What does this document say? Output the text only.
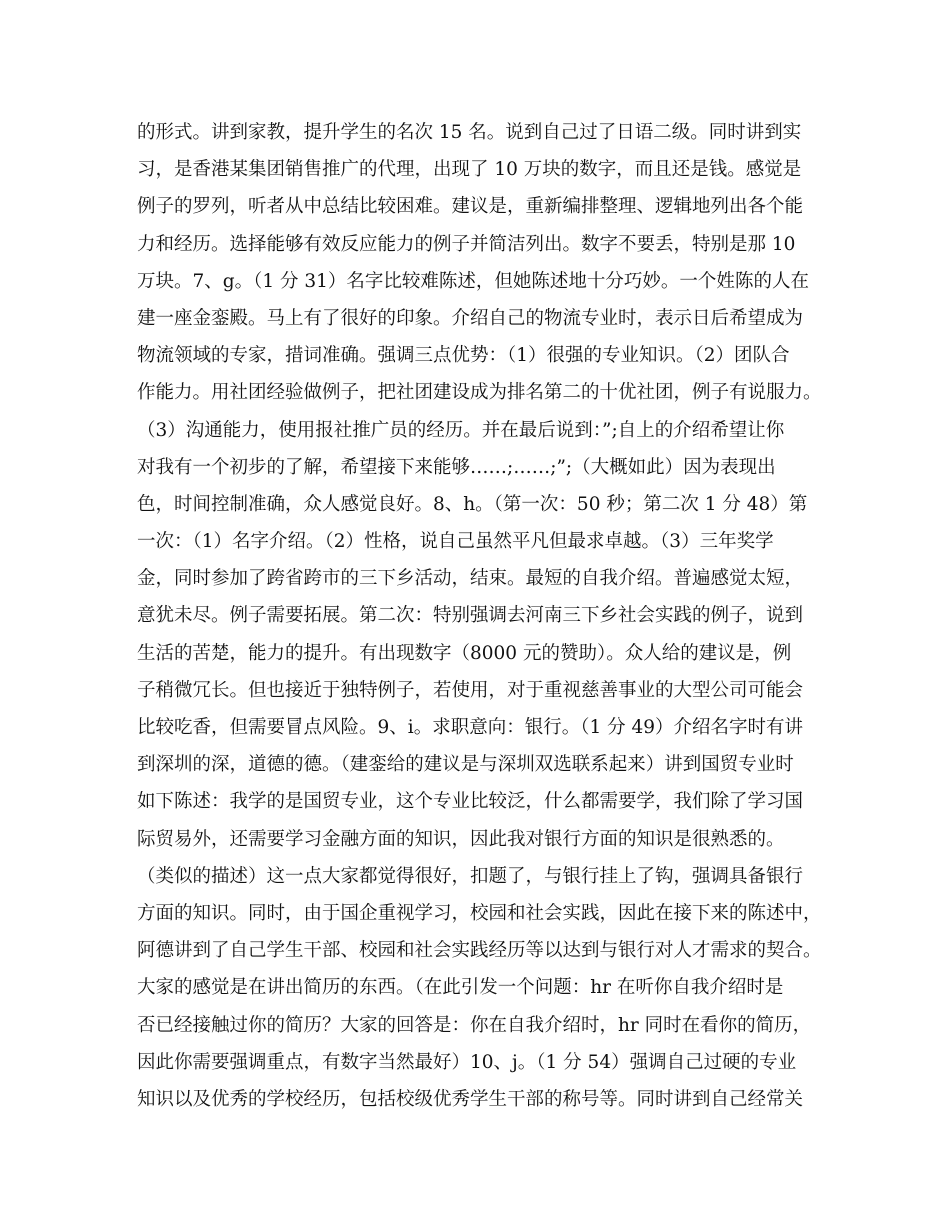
的形式。讲到家教，提升学生的名次 15 名。说到自己过了日语二级。同时讲到实
习，是香港某集团销售推广的代理，出现了 10 万块的数字，而且还是钱。感觉是
例子的罗列，听者从中总结比较困难。建议是，重新编排整理、逻辑地列出各个能
力和经历。选择能够有效反应能力的例子并简洁列出。数字不要丢，特别是那 10
万块。7、g。（1 分 31）名字比较难陈述，但她陈述地十分巧妙。一个姓陈的人在
建一座金銮殿。马上有了很好的印象。介绍自己的物流专业时，表示日后希望成为
物流领域的专家，措词准确。强调三点优势：（1）很强的专业知识。（2）团队合
作能力。用社团经验做例子，把社团建设成为排名第二的十优社团，例子有说服力。
（3）沟通能力，使用报社推广员的经历。并在最后说到：”;自上的介绍希望让你
对我有一个初步的了解，希望接下来能够……;……;”;（大概如此）因为表现出
色，时间控制准确，众人感觉良好。8、h。（第一次：50 秒；第二次 1 分 48）第
一次：（1）名字介绍。（2）性格，说自己虽然平凡但最求卓越。（3）三年奖学
金，同时参加了跨省跨市的三下乡活动，结束。最短的自我介绍。普遍感觉太短，
意犹未尽。例子需要拓展。第二次：特别强调去河南三下乡社会实践的例子，说到
生活的苦楚，能力的提升。有出现数字（8000 元的赞助）。众人给的建议是，例
子稍微冗长。但也接近于独特例子，若使用，对于重视慈善事业的大型公司可能会
比较吃香，但需要冒点风险。9、i。求职意向：银行。（1 分 49）介绍名字时有讲
到深圳的深，道德的德。（建銮给的建议是与深圳双选联系起来）讲到国贸专业时
如下陈述：我学的是国贸专业，这个专业比较泛，什么都需要学，我们除了学习国
际贸易外，还需要学习金融方面的知识，因此我对银行方面的知识是很熟悉的。
（类似的描述）这一点大家都觉得很好，扣题了，与银行挂上了钩，强调具备银行
方面的知识。同时，由于国企重视学习，校园和社会实践，因此在接下来的陈述中，
阿德讲到了自己学生干部、校园和社会实践经历等以达到与银行对人才需求的契合。
大家的感觉是在讲出简历的东西。（在此引发一个问题：hr 在听你自我介绍时是
否已经接触过你的简历？大家的回答是：你在自我介绍时，hr 同时在看你的简历，
因此你需要强调重点，有数字当然最好）10、j。（1 分 54）强调自己过硬的专业
知识以及优秀的学校经历，包括校级优秀学生干部的称号等。同时讲到自己经常关
